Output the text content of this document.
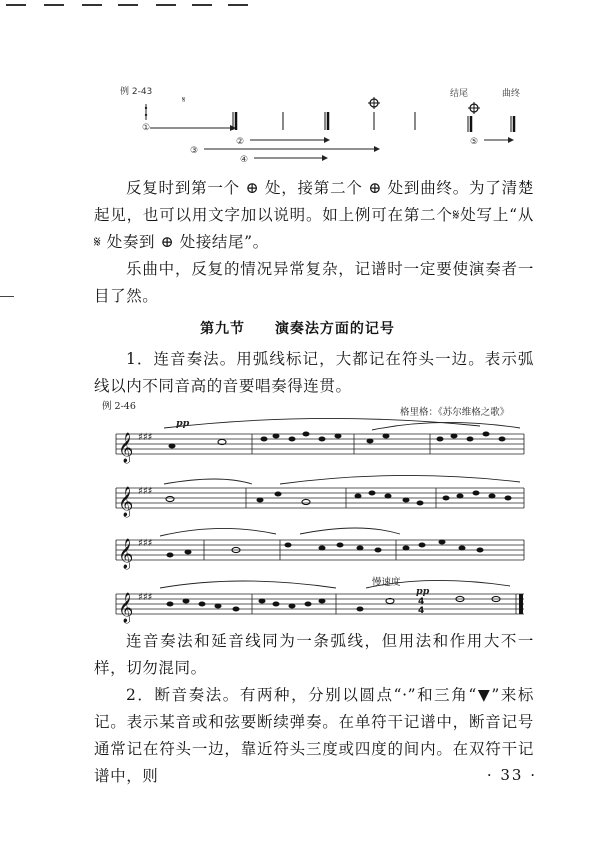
例 2-43	结尾	曲终
①
②
③
④
⑤
𝄋

反复时到第一个 ⊕ 处，接第二个 ⊕ 处到曲终。为了清楚起见，也可以用文字加以说明。如上例可在第二个𝄋处写上“从 𝄋 处奏到 ⊕ 处接结尾”。

乐曲中，反复的情况异常复杂，记谱时一定要使演奏者一目了然。

第九节 演奏法方面的记号

1．连音奏法。用弧线标记，大都记在符头一边。表示弧线以内不同音高的音要唱奏得连贯。

例 2-46
格里格：《苏尔维格之歌》
pp
慢速度
pp
𝄞
𝄞
𝄞
𝄞
♯♯♯
♯♯♯
♯♯♯
♯♯♯	4
4

连音奏法和延音线同为一条弧线，但用法和作用大不一样，切勿混同。

2．断音奏法。有两种，分别以圆点“·”和三角“▼”来标记。表示某音或和弦要断续弹奏。在单符干记谱中，断音记号通常记在符头一边，靠近符头三度或四度的间内。在双符干记谱中，则	· 33 ·
